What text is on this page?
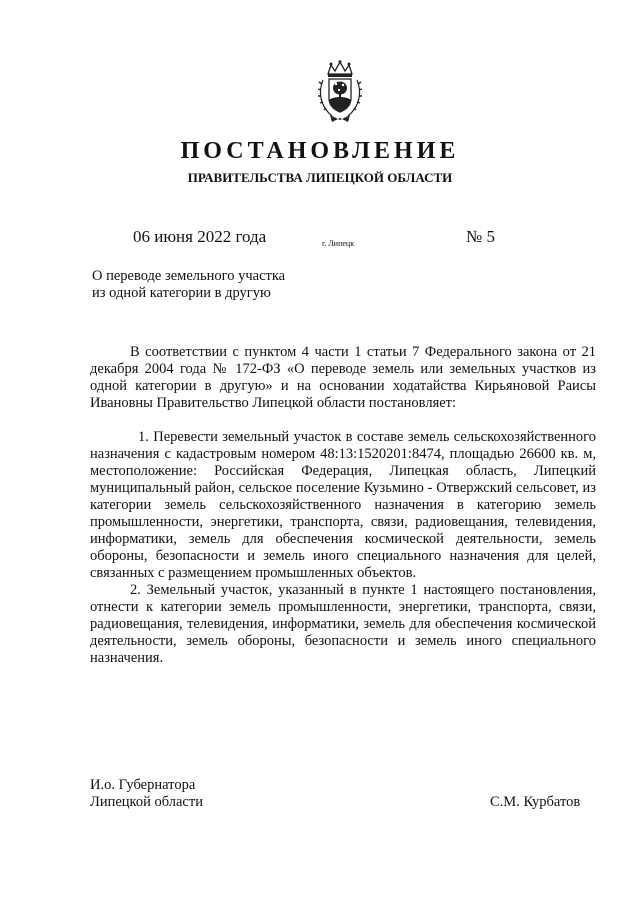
ПОСТАНОВЛЕНИЕ
ПРАВИТЕЛЬСТВА ЛИПЕЦКОЙ ОБЛАСТИ
06 июня 2022 года	г. Липецк	№ 5
О переводе земельного участка
из одной категории в другую

В соответствии с пунктом 4 части 1 статьи 7 Федерального закона от 21 декабря 2004 года № 172-ФЗ «О переводе земель или земельных участков из одной категории в другую» и на основании ходатайства Кирьяновой Раисы Ивановны Правительство Липецкой области постановляет:

1. Перевести земельный участок в составе земель сельскохозяйственного назначения с кадастровым номером 48:13:1520201:8474, площадью 26600 кв. м, местоположение: Российская Федерация, Липецкая область, Липецкий муниципальный район, сельское поселение Кузьмино - Отвержский сельсовет, из категории земель сельскохозяйственного назначения в категорию земель промышленности, энергетики, транспорта, связи, радиовещания, телевидения, информатики, земель для обеспечения космической деятельности, земель обороны, безопасности и земель иного специального назначения для целей, связанных с размещением промышленных объектов.

2. Земельный участок, указанный в пункте 1 настоящего постановления, отнести к категории земель промышленности, энергетики, транспорта, связи, радиовещания, телевидения, информатики, земель для обеспечения космической деятельности, земель обороны, безопасности и земель иного специального назначения.

И.о. Губернатора
Липецкой области	С.М. Курбатов
